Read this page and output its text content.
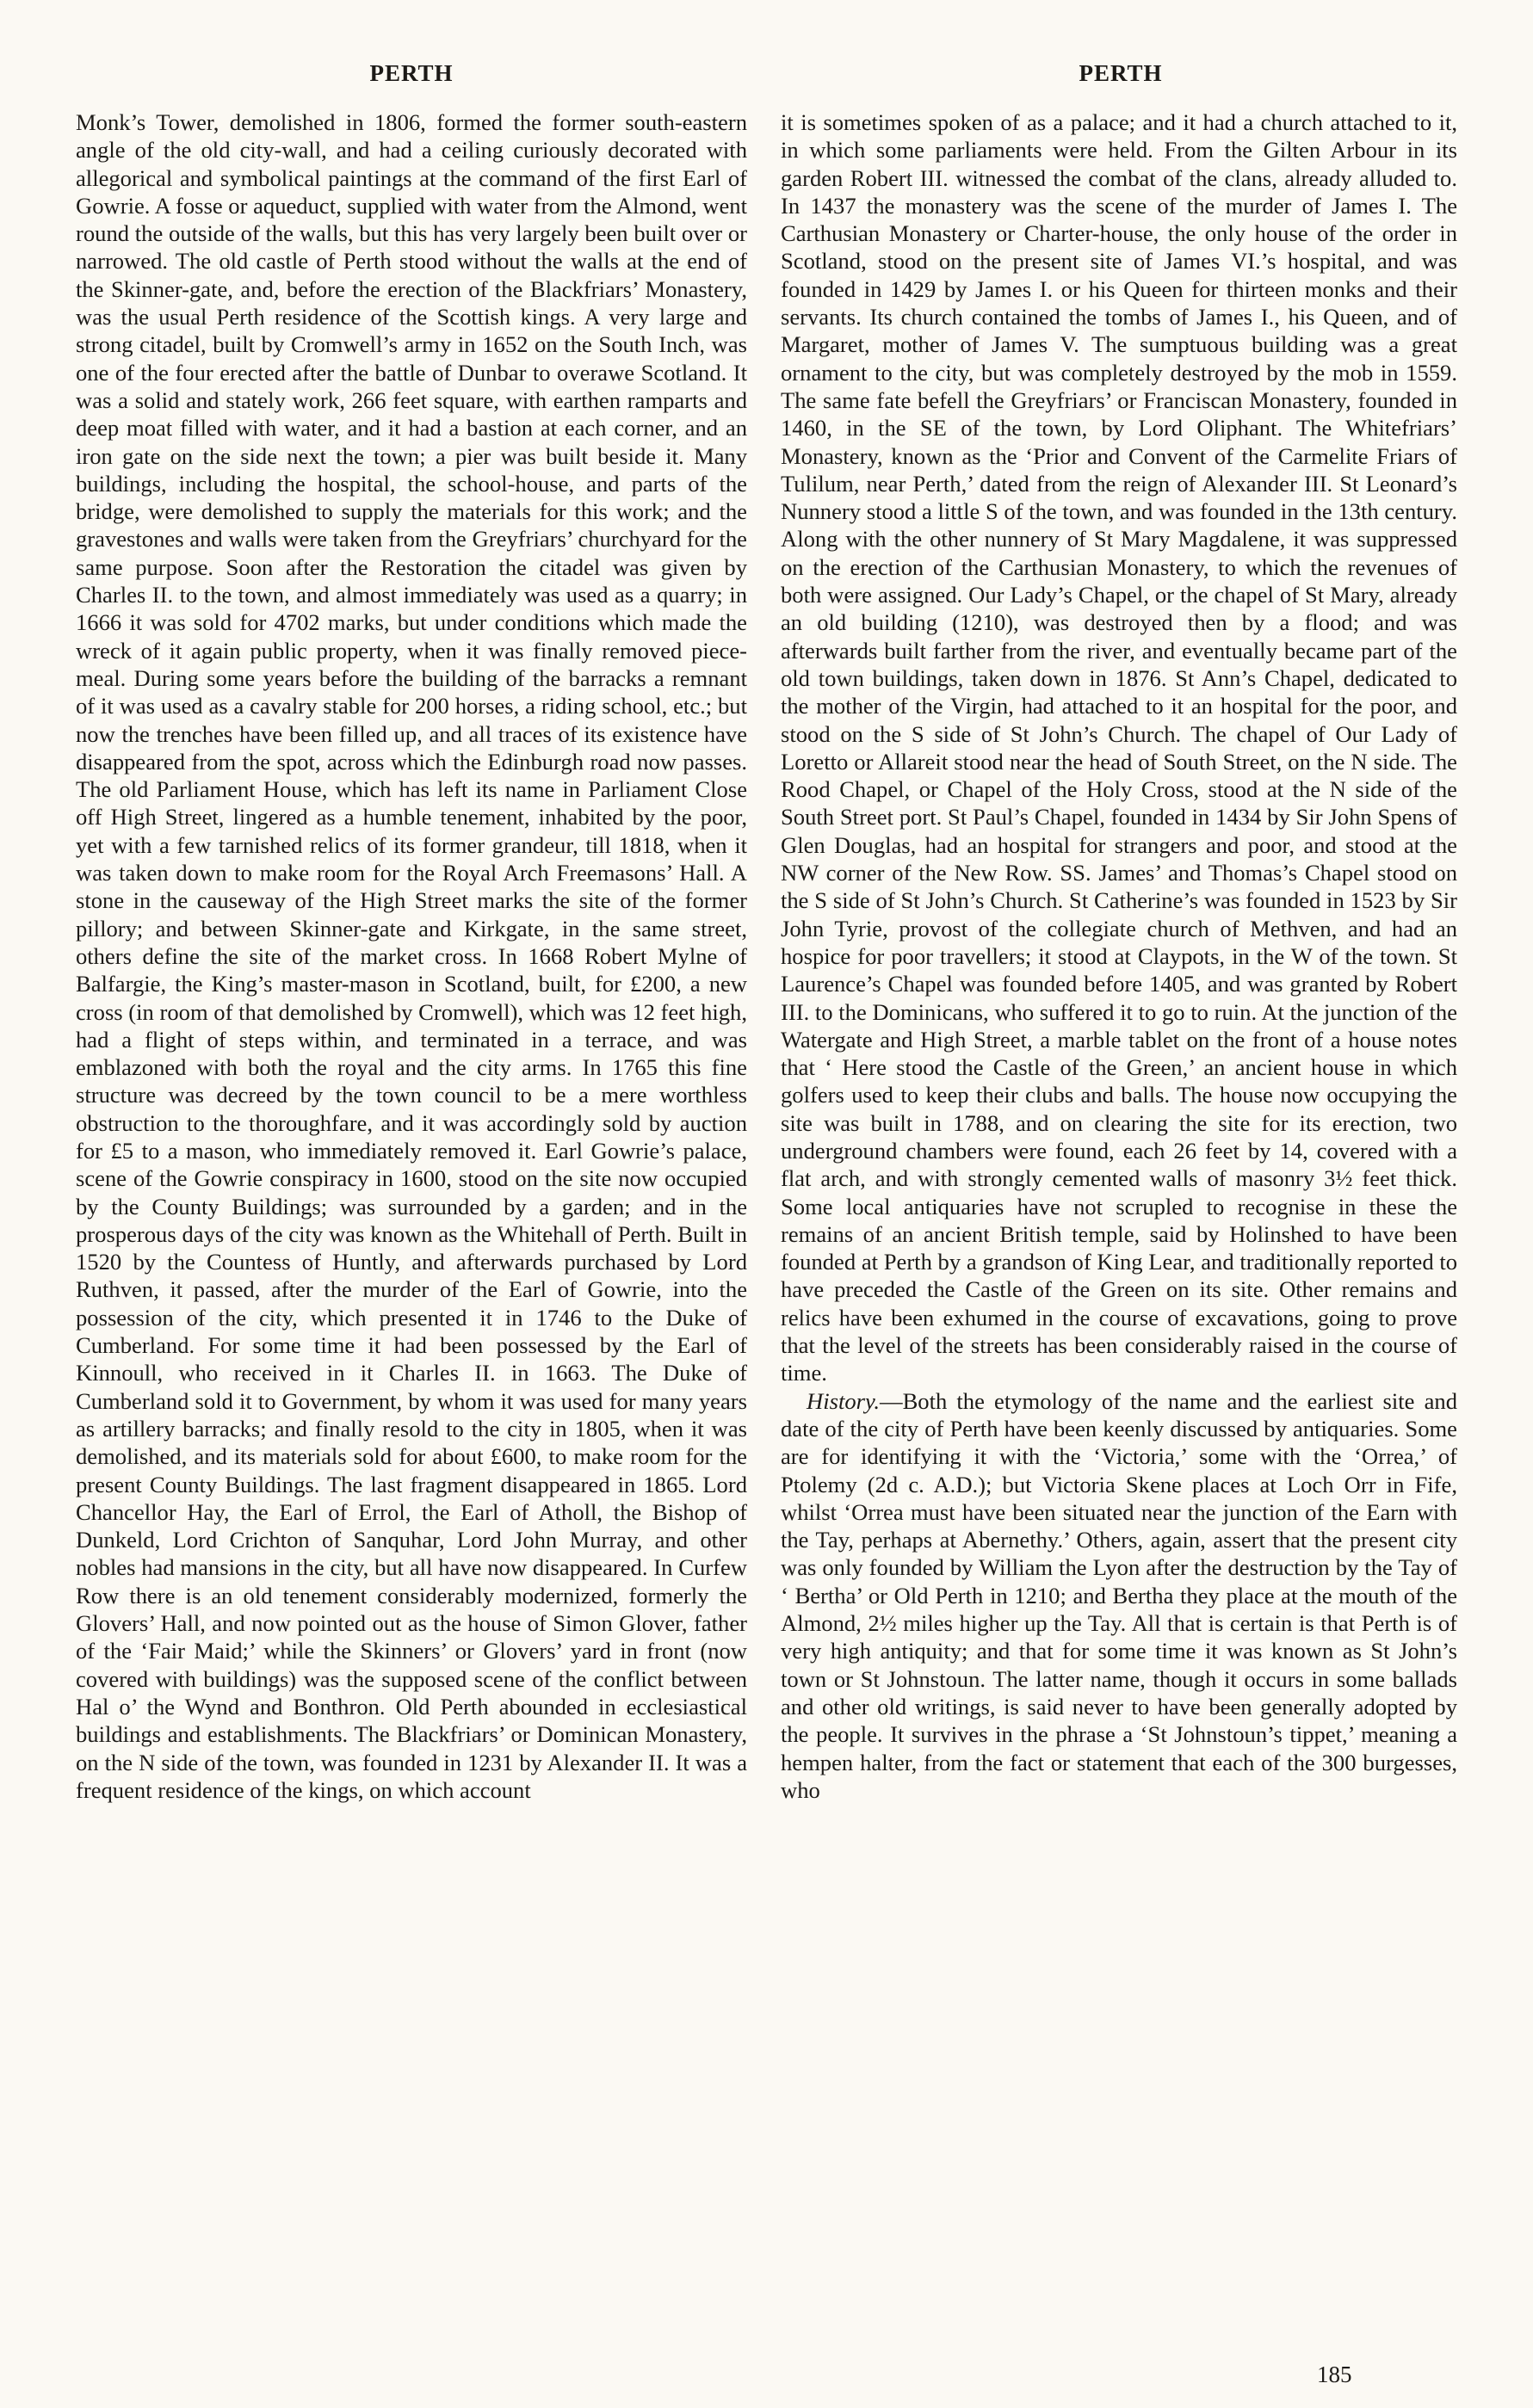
PERTH	PERTH

Monk’s Tower, demolished in 1806, formed the former south-eastern angle of the old city-wall, and had a ceiling curiously decorated with allegorical and symbolical paintings at the command of the first Earl of Gowrie. A fosse or aqueduct, supplied with water from the Almond, went round the outside of the walls, but this has very largely been built over or narrowed. The old castle of Perth stood without the walls at the end of the Skinner-gate, and, before the erection of the Blackfriars’ Monastery, was the usual Perth residence of the Scottish kings. A very large and strong citadel, built by Cromwell’s army in 1652 on the South Inch, was one of the four erected after the battle of Dunbar to overawe Scotland. It was a solid and stately work, 266 feet square, with earthen ramparts and deep moat filled with water, and it had a bastion at each corner, and an iron gate on the side next the town; a pier was built beside it. Many buildings, including the hospital, the school-house, and parts of the bridge, were demolished to supply the materials for this work; and the gravestones and walls were taken from the Greyfriars’ churchyard for the same purpose. Soon after the Restoration the citadel was given by Charles II. to the town, and almost immediately was used as a quarry; in 1666 it was sold for 4702 marks, but under conditions which made the wreck of it again public property, when it was finally removed piece-meal. During some years before the building of the barracks a remnant of it was used as a cavalry stable for 200 horses, a riding school, etc.; but now the trenches have been filled up, and all traces of its existence have disappeared from the spot, across which the Edinburgh road now passes. The old Parliament House, which has left its name in Parliament Close off High Street, lingered as a humble tenement, inhabited by the poor, yet with a few tarnished relics of its former grandeur, till 1818, when it was taken down to make room for the Royal Arch Freemasons’ Hall. A stone in the causeway of the High Street marks the site of the former pillory; and between Skinner-gate and Kirkgate, in the same street, others define the site of the market cross. In 1668 Robert Mylne of Balfargie, the King’s master-mason in Scotland, built, for £200, a new cross (in room of that demolished by Cromwell), which was 12 feet high, had a flight of steps within, and terminated in a terrace, and was emblazoned with both the royal and the city arms. In 1765 this fine structure was decreed by the town council to be a mere worthless obstruction to the thoroughfare, and it was accordingly sold by auction for £5 to a mason, who immediately removed it. Earl Gowrie’s palace, scene of the Gowrie conspiracy in 1600, stood on the site now occupied by the County Buildings; was surrounded by a garden; and in the prosperous days of the city was known as the Whitehall of Perth. Built in 1520 by the Countess of Huntly, and afterwards purchased by Lord Ruthven, it passed, after the murder of the Earl of Gowrie, into the possession of the city, which presented it in 1746 to the Duke of Cumberland. For some time it had been possessed by the Earl of Kinnoull, who received in it Charles II. in 1663. The Duke of Cumberland sold it to Government, by whom it was used for many years as artillery barracks; and finally resold to the city in 1805, when it was demolished, and its materials sold for about £600, to make room for the present County Buildings. The last fragment disappeared in 1865. Lord Chancellor Hay, the Earl of Errol, the Earl of Atholl, the Bishop of Dunkeld, Lord Crichton of Sanquhar, Lord John Murray, and other nobles had mansions in the city, but all have now disappeared. In Curfew Row there is an old tenement considerably modernized, formerly the Glovers’ Hall, and now pointed out as the house of Simon Glover, father of the ‘Fair Maid;’ while the Skinners’ or Glovers’ yard in front (now covered with buildings) was the supposed scene of the conflict between Hal o’ the Wynd and Bonthron. Old Perth abounded in ecclesiastical buildings and establishments. The Blackfriars’ or Dominican Monastery, on the N side of the town, was founded in 1231 by Alexander II. It was a frequent residence of the kings, on which account

it is sometimes spoken of as a palace; and it had a church attached to it, in which some parliaments were held. From the Gilten Arbour in its garden Robert III. witnessed the combat of the clans, already alluded to. In 1437 the monastery was the scene of the murder of James I. The Carthusian Monastery or Charter-house, the only house of the order in Scotland, stood on the present site of James VI.’s hospital, and was founded in 1429 by James I. or his Queen for thirteen monks and their servants. Its church contained the tombs of James I., his Queen, and of Margaret, mother of James V. The sumptuous building was a great ornament to the city, but was completely destroyed by the mob in 1559. The same fate befell the Greyfriars’ or Franciscan Monastery, founded in 1460, in the SE of the town, by Lord Oliphant. The Whitefriars’ Monastery, known as the ‘Prior and Convent of the Carmelite Friars of Tulilum, near Perth,’ dated from the reign of Alexander III. St Leonard’s Nunnery stood a little S of the town, and was founded in the 13th century. Along with the other nunnery of St Mary Magdalene, it was suppressed on the erection of the Carthusian Monastery, to which the revenues of both were assigned. Our Lady’s Chapel, or the chapel of St Mary, already an old building (1210), was destroyed then by a flood; and was afterwards built farther from the river, and eventually became part of the old town buildings, taken down in 1876. St Ann’s Chapel, dedicated to the mother of the Virgin, had attached to it an hospital for the poor, and stood on the S side of St John’s Church. The chapel of Our Lady of Loretto or Allareit stood near the head of South Street, on the N side. The Rood Chapel, or Chapel of the Holy Cross, stood at the N side of the South Street port. St Paul’s Chapel, founded in 1434 by Sir John Spens of Glen Douglas, had an hospital for strangers and poor, and stood at the NW corner of the New Row. SS. James’ and Thomas’s Chapel stood on the S side of St John’s Church. St Catherine’s was founded in 1523 by Sir John Tyrie, provost of the collegiate church of Methven, and had an hospice for poor travellers; it stood at Claypots, in the W of the town. St Laurence’s Chapel was founded before 1405, and was granted by Robert III. to the Dominicans, who suffered it to go to ruin. At the junction of the Watergate and High Street, a marble tablet on the front of a house notes that ‘ Here stood the Castle of the Green,’ an ancient house in which golfers used to keep their clubs and balls. The house now occupying the site was built in 1788, and on clearing the site for its erection, two underground chambers were found, each 26 feet by 14, covered with a flat arch, and with strongly cemented walls of masonry 3½ feet thick. Some local antiquaries have not scrupled to recognise in these the remains of an ancient British temple, said by Holinshed to have been founded at Perth by a grandson of King Lear, and traditionally reported to have preceded the Castle of the Green on its site. Other remains and relics have been exhumed in the course of excavations, going to prove that the level of the streets has been considerably raised in the course of time.

History.—Both the etymology of the name and the earliest site and date of the city of Perth have been keenly discussed by antiquaries. Some are for identifying it with the ‘Victoria,’ some with the ‘Orrea,’ of Ptolemy (2d c. A.D.); but Victoria Skene places at Loch Orr in Fife, whilst ‘Orrea must have been situated near the junction of the Earn with the Tay, perhaps at Abernethy.’ Others, again, assert that the present city was only founded by William the Lyon after the destruction by the Tay of ‘ Bertha’ or Old Perth in 1210; and Bertha they place at the mouth of the Almond, 2½ miles higher up the Tay. All that is certain is that Perth is of very high antiquity; and that for some time it was known as St John’s town or St Johnstoun. The latter name, though it occurs in some ballads and other old writings, is said never to have been generally adopted by the people. It survives in the phrase a ‘St Johnstoun’s tippet,’ meaning a hempen halter, from the fact or statement that each of the 300 burgesses, who

185
